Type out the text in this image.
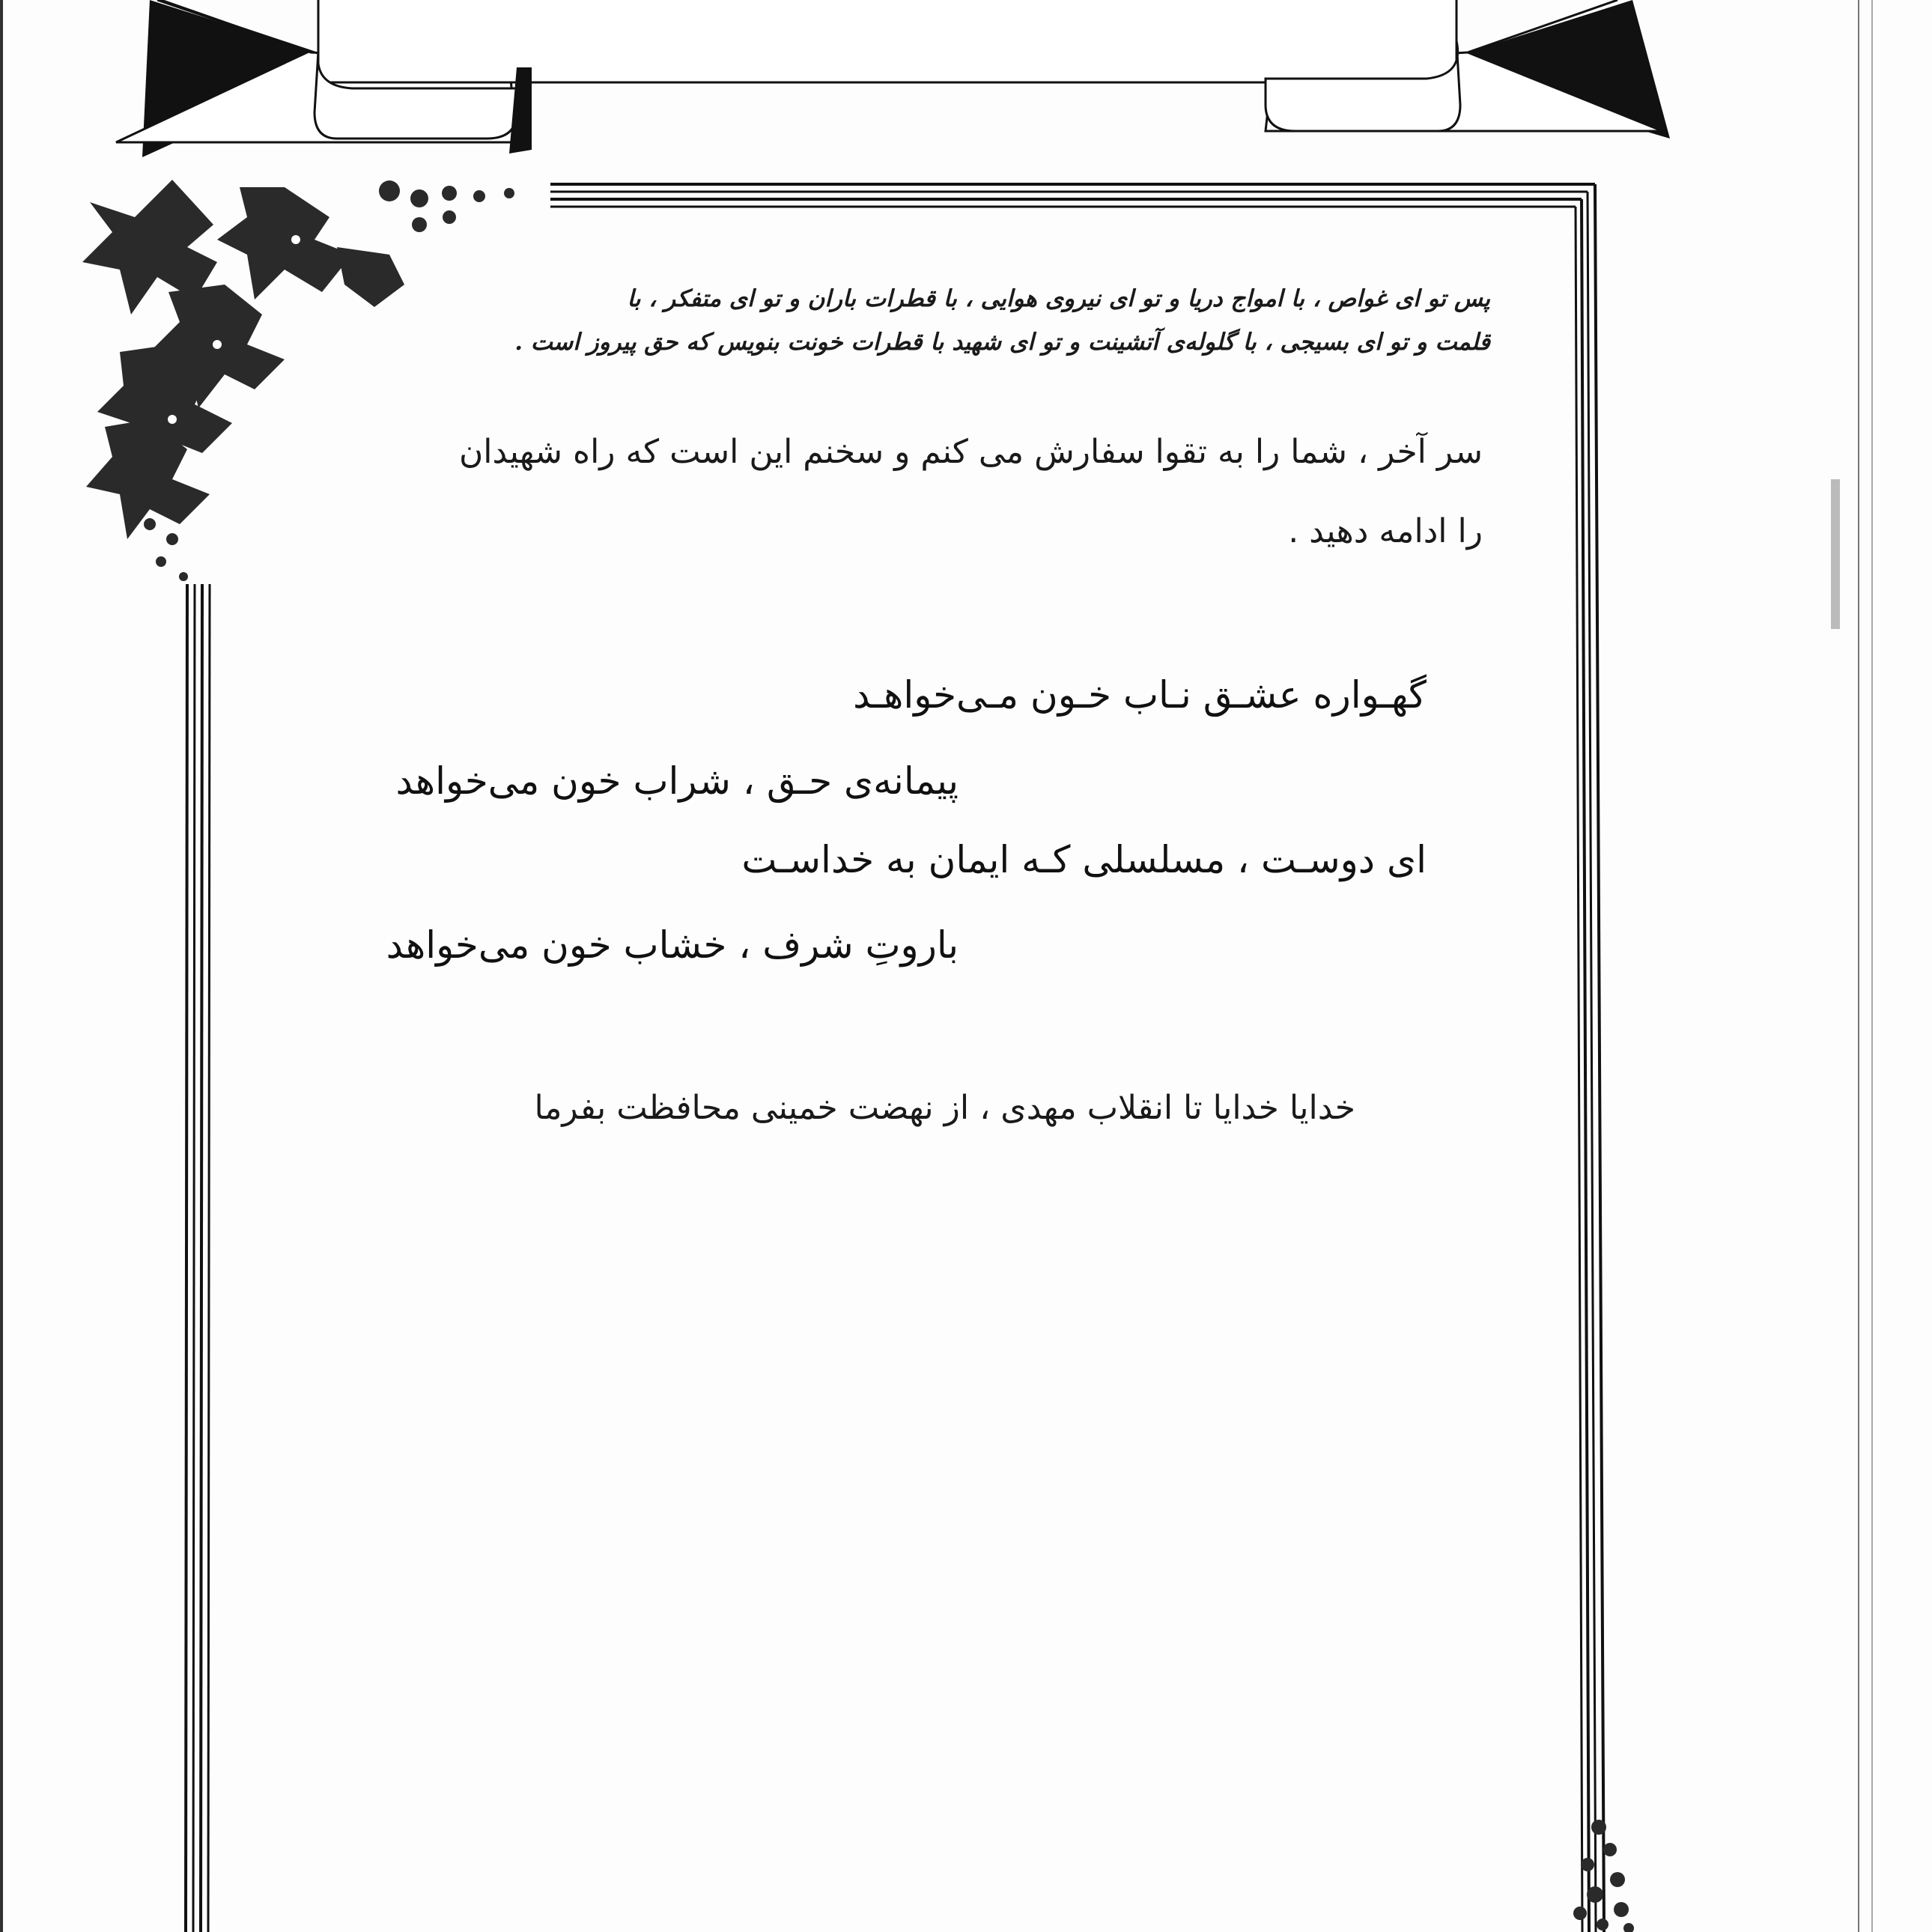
پس تو ای غواص ، با امواج دریا و تو ای نیروی هوایی ، با قطرات باران و تو ای متفکر ، با
قلمت و تو ای بسیجی ، با گلوله‌ی آتشینت و تو ای شهید با قطرات خونت بنویس که حق پیروز است .
سر آخر ، شما را به تقوا سفارش می کنم و سخنم این است که راه شهیدان
را ادامه دهید .
گهـواره عشـق نـاب خـون مـی‌خواهـد
پیمانه‌ی حـق ، شراب خون می‌خواهد
ای دوسـت ، مسلسلی کـه ایمان به خداسـت
باروتِ شرف ، خشاب خون می‌خواهد
خدایا خدایا تا انقلاب مهدی ، از نهضت خمینی محافظت بفرما
